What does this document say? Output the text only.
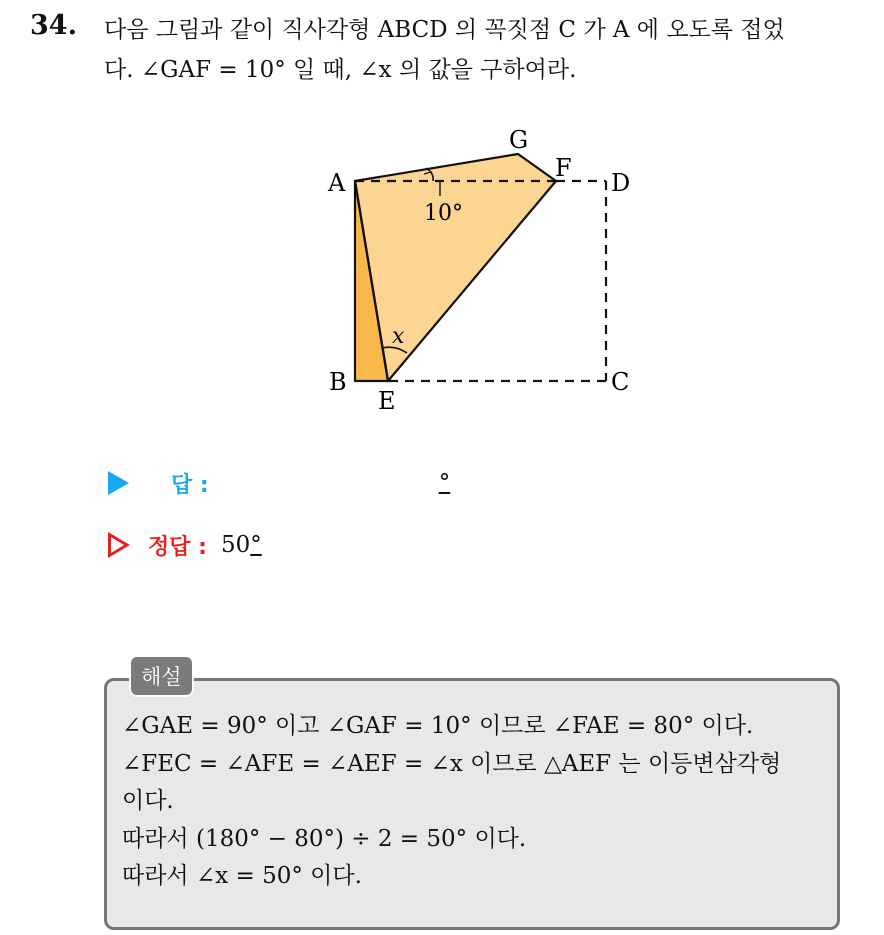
34. 다음 그림과 같이 직사각형 ABCD 의 꼭짓점 C 가 A 에 오도록 접었
다. ∠GAF = 10° 일 때, ∠x 의 값을 구하여라.
A
G
F
D
B
E
C
10°
x
답 :	°
정답 : 50 °
해설
∠GAE = 90° 이고 ∠GAF = 10° 이므로 ∠FAE = 80° 이다.
∠FEC = ∠AFE = ∠AEF = ∠x 이므로 △AEF 는 이등변삼각형
이다.
따라서 (180° − 80°) ÷ 2 = 50° 이다.
따라서 ∠x = 50° 이다.
